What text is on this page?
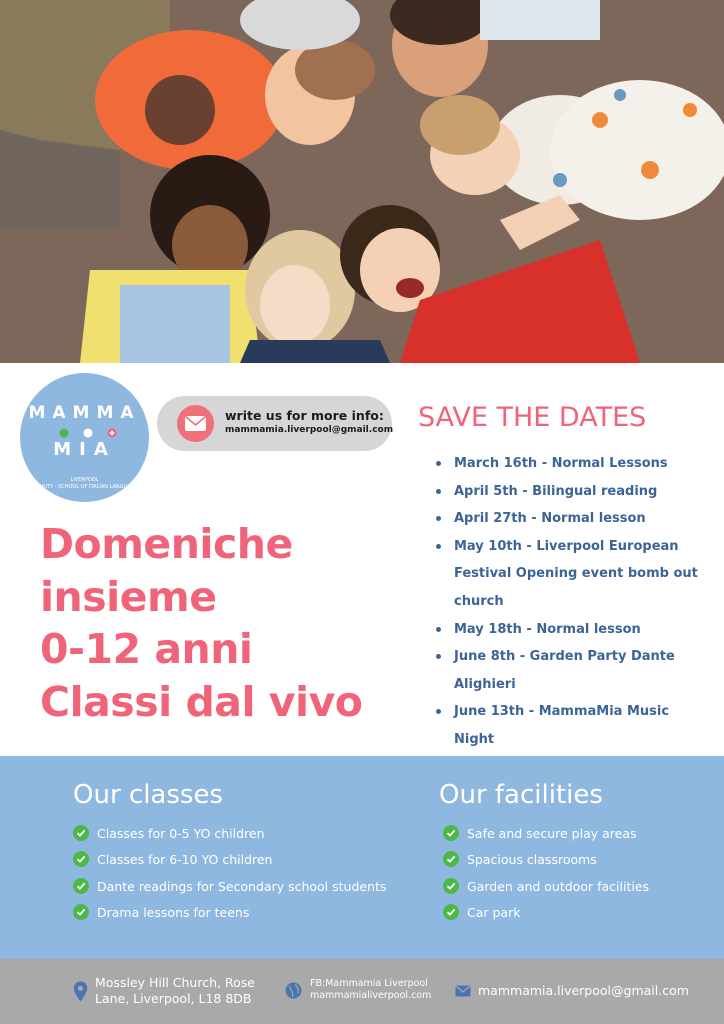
MAMMA
MIA
LIVERPOOL
CHARITY · SCHOOL OF ITALIAN LANGUAGE
write us for more info:
mammamia.liverpool@gmail.com
Domeniche
insieme
0-12 anni
Classi dal vivo
SAVE THE DATES
March 16th - Normal Lessons
April 5th - Bilingual reading
April 27th - Normal lesson
May 10th - Liverpool European Festival Opening event bomb out church
May 18th - Normal lesson
June 8th - Garden Party Dante Alighieri
June 13th - MammaMia Music Night
Our classes
Classes for 0-5 YO children
Classes for 6-10 YO children
Dante readings for Secondary school students
Drama lessons for teens
Our facilities
Safe and secure play areas
Spacious classrooms
Garden and outdoor facilities
Car park
Mossley Hill Church, Rose
Lane, Liverpool, L18 8DB
FB:Mammamia Liverpool
mammamialiverpool.com	mammamia.liverpool@gmail.com
